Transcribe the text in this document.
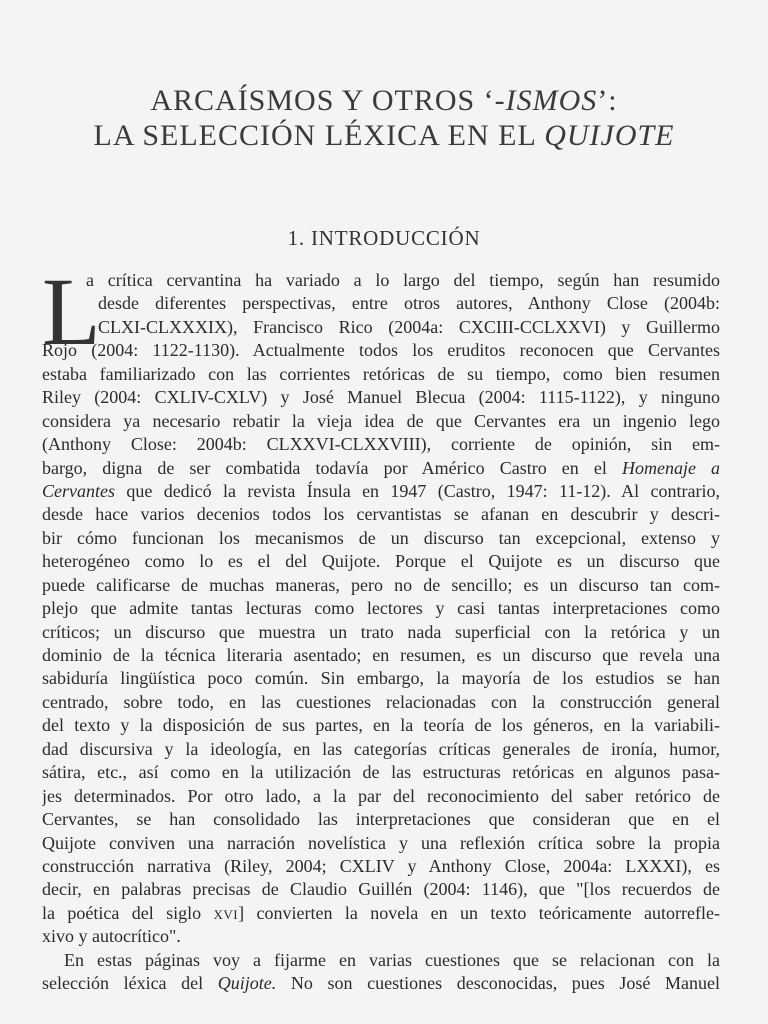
ARCAÍSMOS Y OTROS ‘-ISMOS’:
LA SELECCIÓN LÉXICA EN EL QUIJOTE
1. INTRODUCCIÓN
L
a crítica cervantina ha variado a lo largo del tiempo, según han resumido
desde diferentes perspectivas, entre otros autores, Anthony Close (2004b:
CLXI-CLXXXIX), Francisco Rico (2004a: CXCIII-CCLXXVI) y Guillermo
Rojo (2004: 1122-1130). Actualmente todos los eruditos reconocen que Cervantes
estaba familiarizado con las corrientes retóricas de su tiempo, como bien resumen
Riley (2004: CXLIV-CXLV) y José Manuel Blecua (2004: 1115-1122), y ninguno
considera ya necesario rebatir la vieja idea de que Cervantes era un ingenio lego
(Anthony Close: 2004b: CLXXVI-CLXXVIII), corriente de opinión, sin em-
bargo, digna de ser combatida todavía por Américo Castro en el Homenaje a
Cervantes que dedicó la revista Ínsula en 1947 (Castro, 1947: 11-12). Al contrario,
desde hace varios decenios todos los cervantistas se afanan en descubrir y descri-
bir cómo funcionan los mecanismos de un discurso tan excepcional, extenso y
heterogéneo como lo es el del Quijote. Porque el Quijote es un discurso que
puede calificarse de muchas maneras, pero no de sencillo; es un discurso tan com-
plejo que admite tantas lecturas como lectores y casi tantas interpretaciones como
críticos; un discurso que muestra un trato nada superficial con la retórica y un
dominio de la técnica literaria asentado; en resumen, es un discurso que revela una
sabiduría lingüística poco común. Sin embargo, la mayoría de los estudios se han
centrado, sobre todo, en las cuestiones relacionadas con la construcción general
del texto y la disposición de sus partes, en la teoría de los géneros, en la variabili-
dad discursiva y la ideología, en las categorías críticas generales de ironía, humor,
sátira, etc., así como en la utilización de las estructuras retóricas en algunos pasa-
jes determinados. Por otro lado, a la par del reconocimiento del saber retórico de
Cervantes, se han consolidado las interpretaciones que consideran que en el
Quijote conviven una narración novelística y una reflexión crítica sobre la propia
construcción narrativa (Riley, 2004; CXLIV y Anthony Close, 2004a: LXXXI), es
decir, en palabras precisas de Claudio Guillén (2004: 1146), que "[los recuerdos de
la poética del siglo XVI] convierten la novela en un texto teóricamente autorrefle-
xivo y autocrítico".
En estas páginas voy a fijarme en varias cuestiones que se relacionan con la
selección léxica del Quijote. No son cuestiones desconocidas, pues José Manuel
